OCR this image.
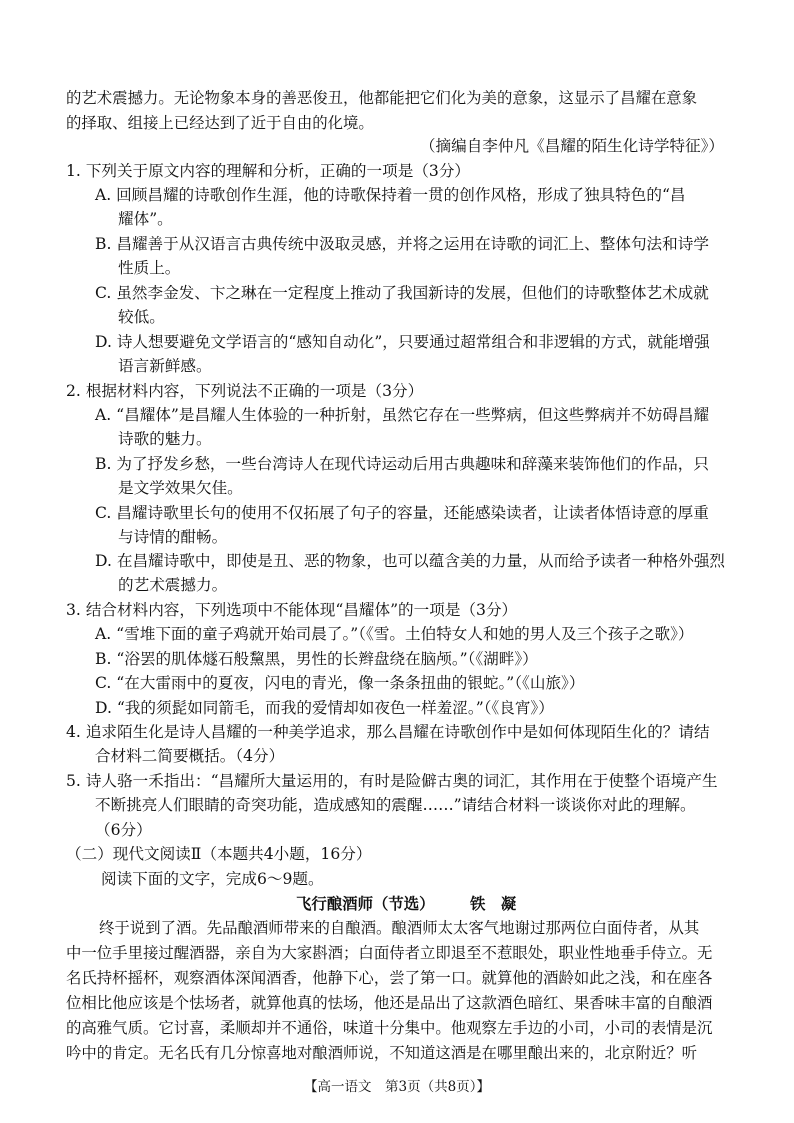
的艺术震撼力。无论物象本身的善恶俊丑，他都能把它们化为美的意象，这显示了昌耀在意象
的择取、组接上已经达到了近于自由的化境。
（摘编自李仲凡《昌耀的陌生化诗学特征》）
1. 下列关于原文内容的理解和分析，正确的一项是（3分）
A. 回顾昌耀的诗歌创作生涯，他的诗歌保持着一贯的创作风格，形成了独具特色的“昌
耀体”。
B. 昌耀善于从汉语言古典传统中汲取灵感，并将之运用在诗歌的词汇上、整体句法和诗学
性质上。
C. 虽然李金发、卞之琳在一定程度上推动了我国新诗的发展，但他们的诗歌整体艺术成就
较低。
D. 诗人想要避免文学语言的“感知自动化”，只要通过超常组合和非逻辑的方式，就能增强
语言新鲜感。
2. 根据材料内容，下列说法不正确的一项是（3分）
A. “昌耀体”是昌耀人生体验的一种折射，虽然它存在一些弊病，但这些弊病并不妨碍昌耀
诗歌的魅力。
B. 为了抒发乡愁，一些台湾诗人在现代诗运动后用古典趣味和辞藻来装饰他们的作品，只
是文学效果欠佳。
C. 昌耀诗歌里长句的使用不仅拓展了句子的容量，还能感染读者，让读者体悟诗意的厚重
与诗情的酣畅。
D. 在昌耀诗歌中，即使是丑、恶的物象，也可以蕴含美的力量，从而给予读者一种格外强烈
的艺术震撼力。
3. 结合材料内容，下列选项中不能体现“昌耀体”的一项是（3分）
A. “雪堆下面的童子鸡就开始司晨了。”（《雪。土伯特女人和她的男人及三个孩子之歌》）
B. “浴罢的肌体燧石般黧黑，男性的长辫盘绕在脑颅。”（《湖畔》）
C. “在大雷雨中的夏夜，闪电的青光，像一条条扭曲的银蛇。”（《山旅》）
D. “我的须髭如同箭毛，而我的爱情却如夜色一样羞涩。”（《良宵》）
4. 追求陌生化是诗人昌耀的一种美学追求，那么昌耀在诗歌创作中是如何体现陌生化的？请结
合材料二简要概括。（4分）
5. 诗人骆一禾指出：“昌耀所大量运用的，有时是险僻古奥的词汇，其作用在于使整个语境产生
不断挑亮人们眼睛的奇突功能，造成感知的震醒……”请结合材料一谈谈你对此的理解。
（6分）
（二）现代文阅读Ⅱ（本题共4小题，16分）
阅读下面的文字，完成6～9题。
飞行酿酒师（节选） 铁　凝
终于说到了酒。先品酿酒师带来的自酿酒。酿酒师太太客气地谢过那两位白面侍者，从其
中一位手里接过醒酒器，亲自为大家斟酒；白面侍者立即退至不惹眼处，职业性地垂手侍立。无
名氏持杯摇杯，观察酒体深闻酒香，他静下心，尝了第一口。就算他的酒龄如此之浅，和在座各
位相比他应该是个怯场者，就算他真的怯场，他还是品出了这款酒色暗红、果香味丰富的自酿酒
的高雅气质。它讨喜，柔顺却并不通俗，味道十分集中。他观察左手边的小司，小司的表情是沉
吟中的肯定。无名氏有几分惊喜地对酿酒师说，不知道这酒是在哪里酿出来的，北京附近？听
【高一语文　第3页（共8页）】
